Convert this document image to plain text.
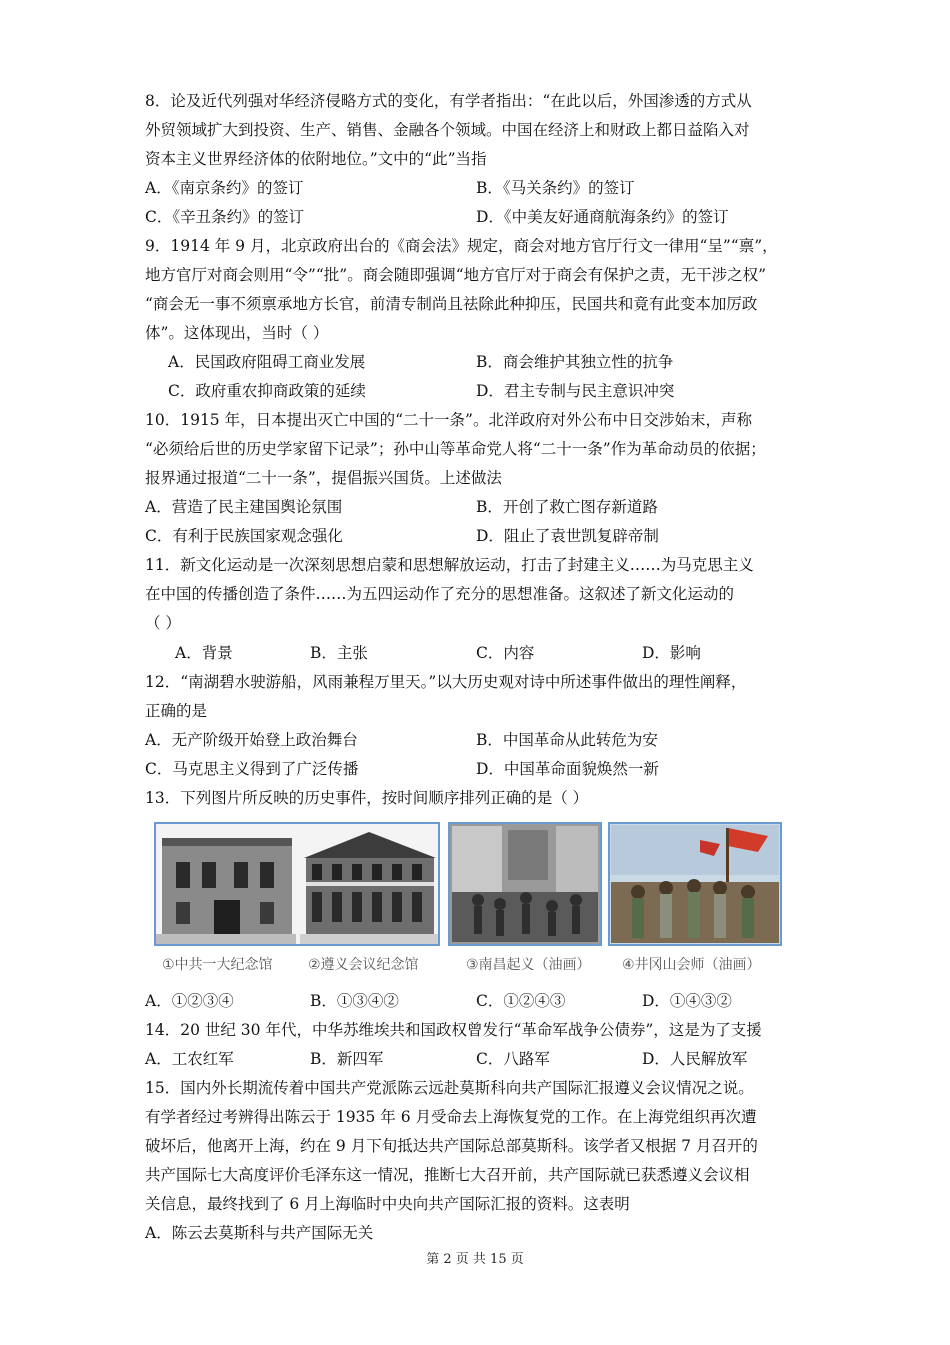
8．论及近代列强对华经济侵略方式的变化，有学者指出：“在此以后，外国渗透的方式从
外贸领域扩大到投资、生产、销售、金融各个领域。中国在经济上和财政上都日益陷入对
资本主义世界经济体的依附地位。”文中的“此”当指
A．《南京条约》的签订	B．《马关条约》的签订
C．《辛丑条约》的签订	D．《中美友好通商航海条约》的签订
9．1914 年 9 月，北京政府出台的《商会法》规定，商会对地方官厅行文一律用“呈”“禀”，
地方官厅对商会则用“令”“批”。商会随即强调“地方官厅对于商会有保护之责，无干涉之权”
“商会无一事不须禀承地方长官，前清专制尚且祛除此种抑压，民国共和竟有此变本加厉政
体”。这体现出，当时（ ）
A．民国政府阻碍工商业发展	B．商会维护其独立性的抗争
C．政府重农抑商政策的延续	D．君主专制与民主意识冲突
10．1915 年，日本提出灭亡中国的“二十一条”。北洋政府对外公布中日交涉始末，声称
“必须给后世的历史学家留下记录”；孙中山等革命党人将“二十一条”作为革命动员的依据；
报界通过报道“二十一条”，提倡振兴国货。上述做法
A．营造了民主建国舆论氛围	B．开创了救亡图存新道路
C．有利于民族国家观念强化	D．阻止了袁世凯复辟帝制
11．新文化运动是一次深刻思想启蒙和思想解放运动，打击了封建主义……为马克思主义
在中国的传播创造了条件……为五四运动作了充分的思想准备。这叙述了新文化运动的
（ ）
A．背景	B．主张	C．内容	D．影响
12．“南湖碧水驶游船，风雨兼程万里天。”以大历史观对诗中所述事件做出的理性阐释，
正确的是
A．无产阶级开始登上政治舞台	B．中国革命从此转危为安
C．马克思主义得到了广泛传播	D．中国革命面貌焕然一新
13．下列图片所反映的历史事件，按时间顺序排列正确的是（ ）
①中共一大纪念馆	②遵义会议纪念馆	③南昌起义（油画） ④井冈山会师（油画）
A．①②③④	B．①③④②	C．①②④③	D．①④③②
14．20 世纪 30 年代，中华苏维埃共和国政权曾发行“革命军战争公债券”，这是为了支援
A．工农红军	B．新四军	C．八路军	D．人民解放军
15．国内外长期流传着中国共产党派陈云远赴莫斯科向共产国际汇报遵义会议情况之说。
有学者经过考辨得出陈云于 1935 年 6 月受命去上海恢复党的工作。在上海党组织再次遭
破坏后，他离开上海，约在 9 月下旬抵达共产国际总部莫斯科。该学者又根据 7 月召开的
共产国际七大高度评价毛泽东这一情况，推断七大召开前，共产国际就已获悉遵义会议相
关信息，最终找到了 6 月上海临时中央向共产国际汇报的资料。这表明
A．陈云去莫斯科与共产国际无关
第 2 页 共 15 页
